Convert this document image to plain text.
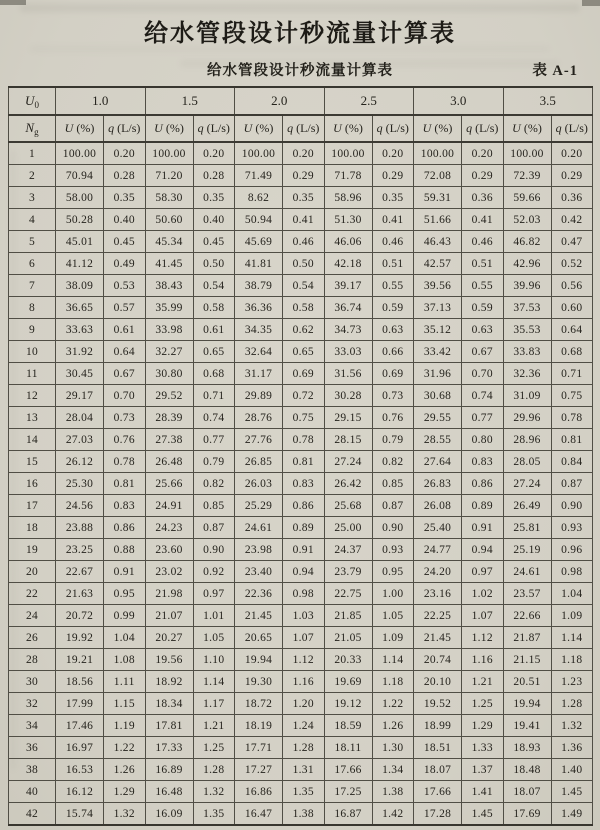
给水管段设计秒流量计算表
给水管段设计秒流量计算表	表 A-1
$U_0$	1.0		1.5		2.0		2.5		3.0		3.5	
$N_g$	U (%)	q (L/s)	U (%)	q (L/s)	U (%)	q (L/s)	U (%)	q (L/s)	U (%)	q (L/s)	U (%)	q (L/s)
1	100.00	0.20	100.00	0.20	100.00	0.20	100.00	0.20	100.00	0.20	100.00	0.20
2	70.94	0.28	71.20	0.28	71.49	0.29	71.78	0.29	72.08	0.29	72.39	0.29
3	58.00	0.35	58.30	0.35	8.62	0.35	58.96	0.35	59.31	0.36	59.66	0.36
4	50.28	0.40	50.60	0.40	50.94	0.41	51.30	0.41	51.66	0.41	52.03	0.42
5	45.01	0.45	45.34	0.45	45.69	0.46	46.06	0.46	46.43	0.46	46.82	0.47
6	41.12	0.49	41.45	0.50	41.81	0.50	42.18	0.51	42.57	0.51	42.96	0.52
7	38.09	0.53	38.43	0.54	38.79	0.54	39.17	0.55	39.56	0.55	39.96	0.56
8	36.65	0.57	35.99	0.58	36.36	0.58	36.74	0.59	37.13	0.59	37.53	0.60
9	33.63	0.61	33.98	0.61	34.35	0.62	34.73	0.63	35.12	0.63	35.53	0.64
10	31.92	0.64	32.27	0.65	32.64	0.65	33.03	0.66	33.42	0.67	33.83	0.68
11	30.45	0.67	30.80	0.68	31.17	0.69	31.56	0.69	31.96	0.70	32.36	0.71
12	29.17	0.70	29.52	0.71	29.89	0.72	30.28	0.73	30.68	0.74	31.09	0.75
13	28.04	0.73	28.39	0.74	28.76	0.75	29.15	0.76	29.55	0.77	29.96	0.78
14	27.03	0.76	27.38	0.77	27.76	0.78	28.15	0.79	28.55	0.80	28.96	0.81
15	26.12	0.78	26.48	0.79	26.85	0.81	27.24	0.82	27.64	0.83	28.05	0.84
16	25.30	0.81	25.66	0.82	26.03	0.83	26.42	0.85	26.83	0.86	27.24	0.87
17	24.56	0.83	24.91	0.85	25.29	0.86	25.68	0.87	26.08	0.89	26.49	0.90
18	23.88	0.86	24.23	0.87	24.61	0.89	25.00	0.90	25.40	0.91	25.81	0.93
19	23.25	0.88	23.60	0.90	23.98	0.91	24.37	0.93	24.77	0.94	25.19	0.96
20	22.67	0.91	23.02	0.92	23.40	0.94	23.79	0.95	24.20	0.97	24.61	0.98
22	21.63	0.95	21.98	0.97	22.36	0.98	22.75	1.00	23.16	1.02	23.57	1.04
24	20.72	0.99	21.07	1.01	21.45	1.03	21.85	1.05	22.25	1.07	22.66	1.09
26	19.92	1.04	20.27	1.05	20.65	1.07	21.05	1.09	21.45	1.12	21.87	1.14
28	19.21	1.08	19.56	1.10	19.94	1.12	20.33	1.14	20.74	1.16	21.15	1.18
30	18.56	1.11	18.92	1.14	19.30	1.16	19.69	1.18	20.10	1.21	20.51	1.23
32	17.99	1.15	18.34	1.17	18.72	1.20	19.12	1.22	19.52	1.25	19.94	1.28
34	17.46	1.19	17.81	1.21	18.19	1.24	18.59	1.26	18.99	1.29	19.41	1.32
36	16.97	1.22	17.33	1.25	17.71	1.28	18.11	1.30	18.51	1.33	18.93	1.36
38	16.53	1.26	16.89	1.28	17.27	1.31	17.66	1.34	18.07	1.37	18.48	1.40
40	16.12	1.29	16.48	1.32	16.86	1.35	17.25	1.38	17.66	1.41	18.07	1.45
42	15.74	1.32	16.09	1.35	16.47	1.38	16.87	1.42	17.28	1.45	17.69	1.49
